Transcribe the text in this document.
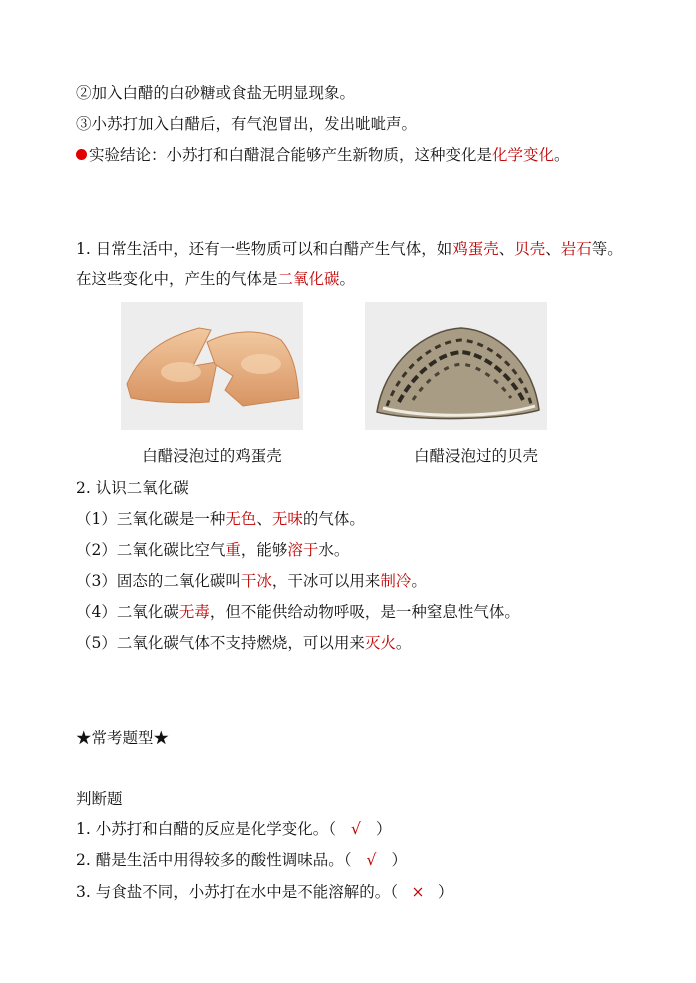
②加入白醋的白砂糖或食盐无明显现象。
③小苏打加入白醋后，有气泡冒出，发出呲呲声。
实验结论：小苏打和白醋混合能够产生新物质，这种变化是化学变化。
1. 日常生活中，还有一些物质可以和白醋产生气体，如鸡蛋壳、贝壳、岩石等。
在这些变化中，产生的气体是二氧化碳。
白醋浸泡过的鸡蛋壳	白醋浸泡过的贝壳
2. 认识二氧化碳
（1）三氧化碳是一种无色、无味的气体。
（2）二氧化碳比空气重，能够溶于水。
（3）固态的二氧化碳叫干冰，干冰可以用来制冷。
（4）二氧化碳无毒，但不能供给动物呼吸，是一种窒息性气体。
（5）二氧化碳气体不支持燃烧，可以用来灭火。
★常考题型★
判断题
1. 小苏打和白醋的反应是化学变化。（ √ ）
2. 醋是生活中用得较多的酸性调味品。（ √ ）
3. 与食盐不同，小苏打在水中是不能溶解的。（ × ）
